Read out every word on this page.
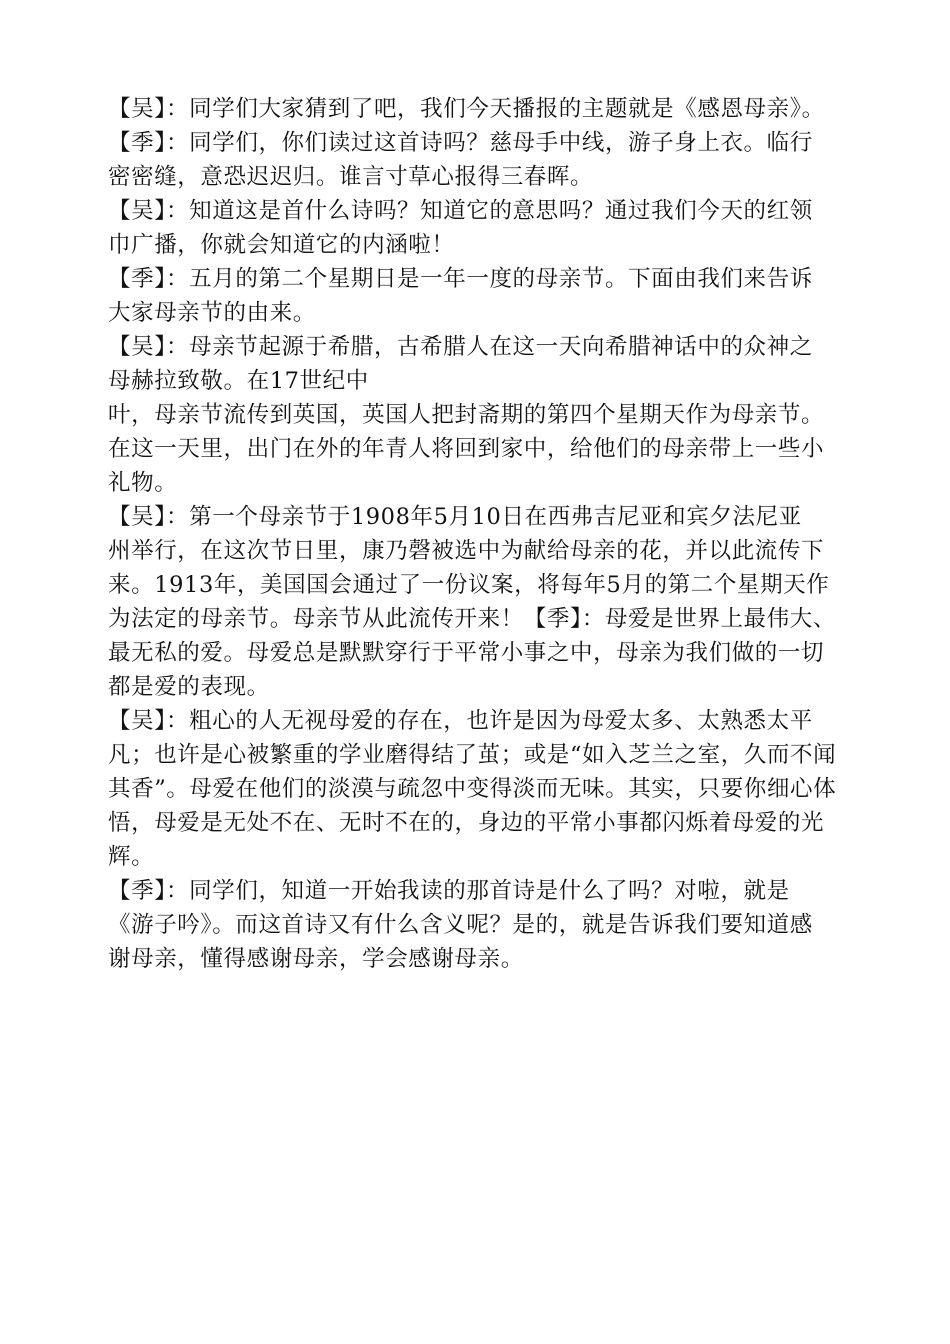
【吴】：同学们大家猜到了吧，我们今天播报的主题就是《感恩母亲》。
【季】：同学们，你们读过这首诗吗？慈母手中线，游子身上衣。临行
密密缝，意恐迟迟归。谁言寸草心报得三春晖。
【吴】：知道这是首什么诗吗？知道它的意思吗？通过我们今天的红领
巾广播，你就会知道它的内涵啦！
【季】：五月的第二个星期日是一年一度的母亲节。下面由我们来告诉
大家母亲节的由来。
【吴】：母亲节起源于希腊，古希腊人在这一天向希腊神话中的众神之
母赫拉致敬。在17世纪中
叶，母亲节流传到英国，英国人把封斋期的第四个星期天作为母亲节。
在这一天里，出门在外的年青人将回到家中，给他们的母亲带上一些小
礼物。
【吴】：第一个母亲节于1908年5月10日在西弗吉尼亚和宾夕法尼亚
州举行，在这次节日里，康乃磬被选中为献给母亲的花，并以此流传下
来。1913年，美国国会通过了一份议案，将每年5月的第二个星期天作
为法定的母亲节。母亲节从此流传开来！【季】：母爱是世界上最伟大、
最无私的爱。母爱总是默默穿行于平常小事之中，母亲为我们做的一切
都是爱的表现。
【吴】：粗心的人无视母爱的存在，也许是因为母爱太多、太熟悉太平
凡；也许是心被繁重的学业磨得结了茧；或是“如入芝兰之室，久而不闻
其香”。母爱在他们的淡漠与疏忽中变得淡而无味。其实，只要你细心体
悟，母爱是无处不在、无时不在的，身边的平常小事都闪烁着母爱的光
辉。
【季】：同学们，知道一开始我读的那首诗是什么了吗？对啦，就是
《游子吟》。而这首诗又有什么含义呢？是的，就是告诉我们要知道感
谢母亲，懂得感谢母亲，学会感谢母亲。
